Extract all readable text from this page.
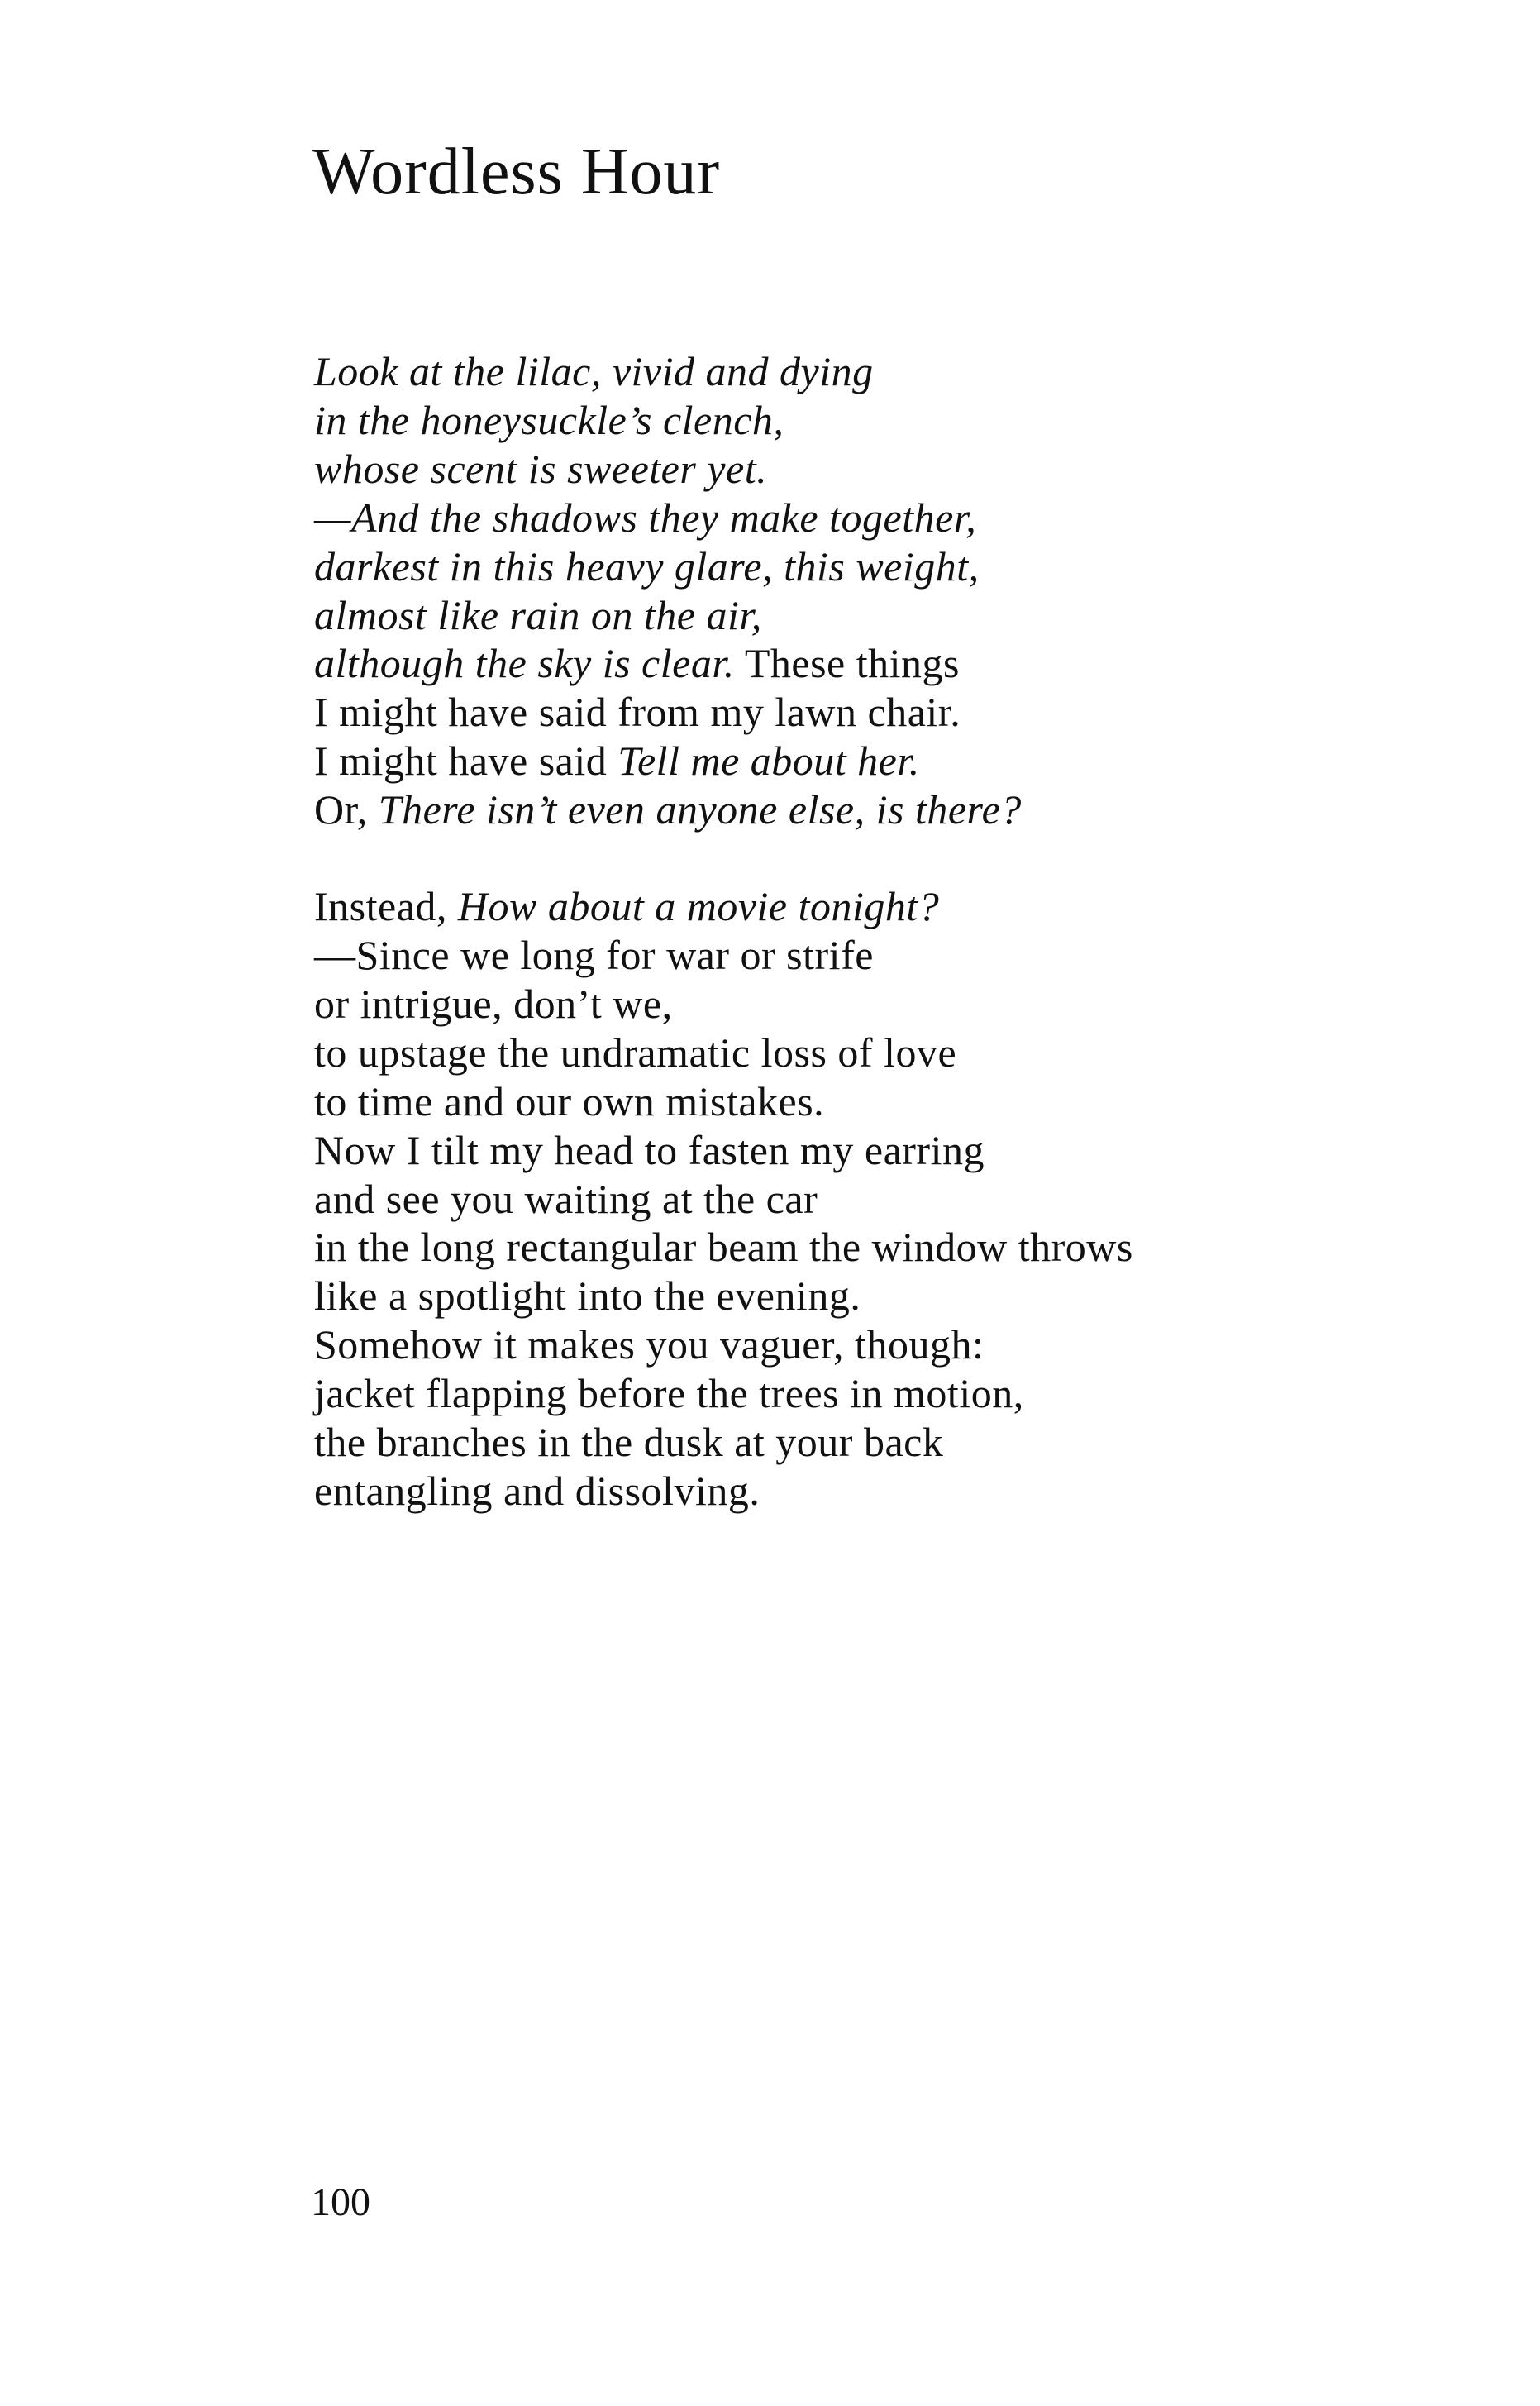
Wordless Hour

Look at the lilac, vivid and dying
in the honeysuckle’s clench,
whose scent is sweeter yet.
—And the shadows they make together,
darkest in this heavy glare, this weight,
almost like rain on the air,
although the sky is clear. These things
I might have said from my lawn chair.
I might have said Tell me about her.
Or, There isn’t even anyone else, is there?

Instead, How about a movie tonight?
—Since we long for war or strife
or intrigue, don’t we,
to upstage the undramatic loss of love
to time and our own mistakes.
Now I tilt my head to fasten my earring
and see you waiting at the car
in the long rectangular beam the window throws
like a spotlight into the evening.
Somehow it makes you vaguer, though:
jacket flapping before the trees in motion,
the branches in the dusk at your back
entangling and dissolving.

100
